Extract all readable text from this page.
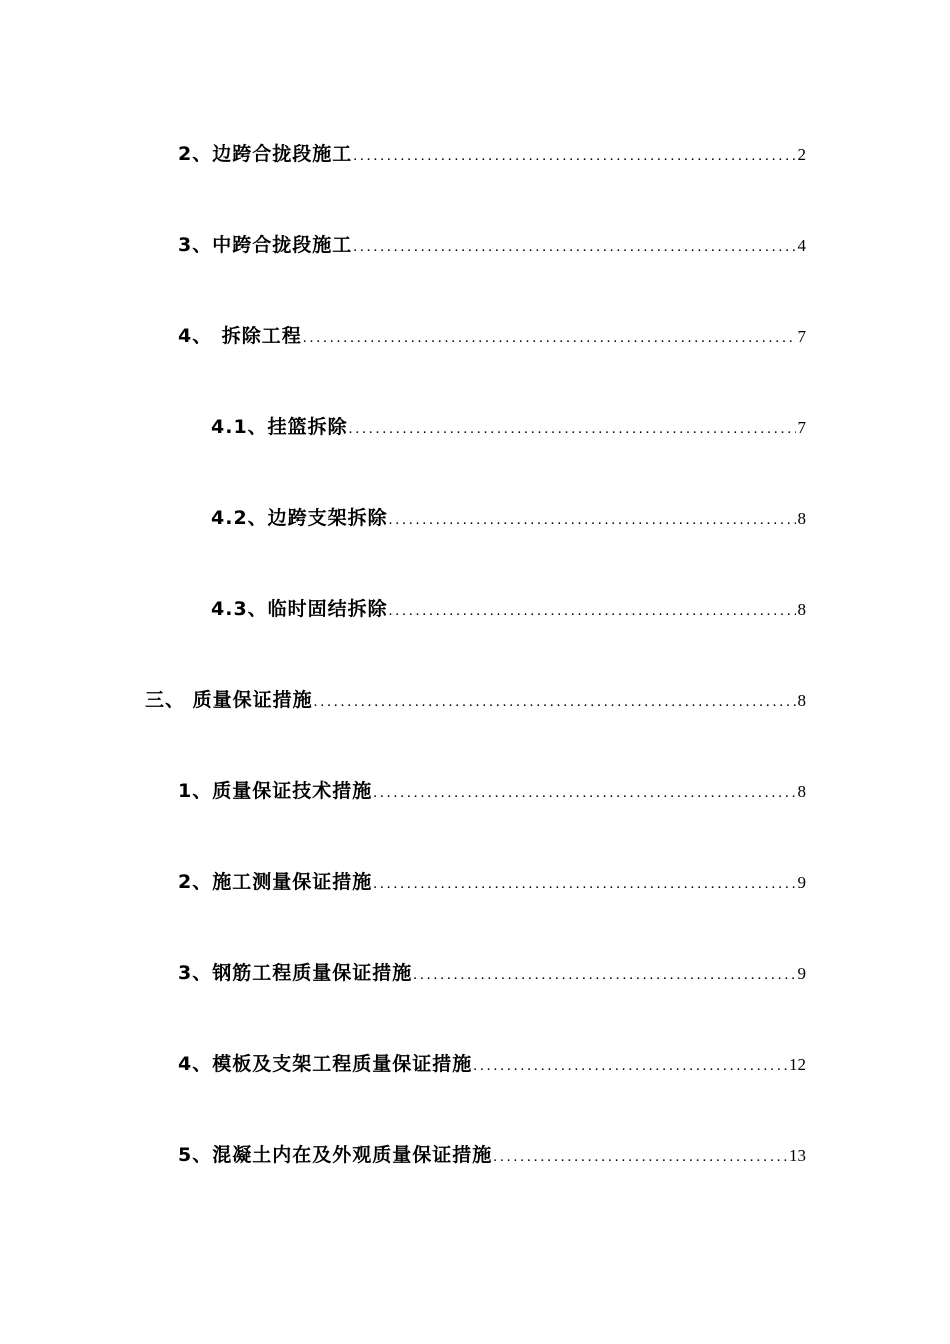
2、边跨合拢段施工 .....	2
3、中跨合拢段施工 .....	4
4、 拆除工程 .....	7
4.1、挂篮拆除 .....	7
4.2、边跨支架拆除 .....	8
4.3、临时固结拆除 .....	8
三、 质量保证措施 .....	8
1、质量保证技术措施 .....	8
2、施工测量保证措施 .....	9
3、钢筋工程质量保证措施 .....	9
4、模板及支架工程质量保证措施 .....	12
5、混凝土内在及外观质量保证措施 .....	13
